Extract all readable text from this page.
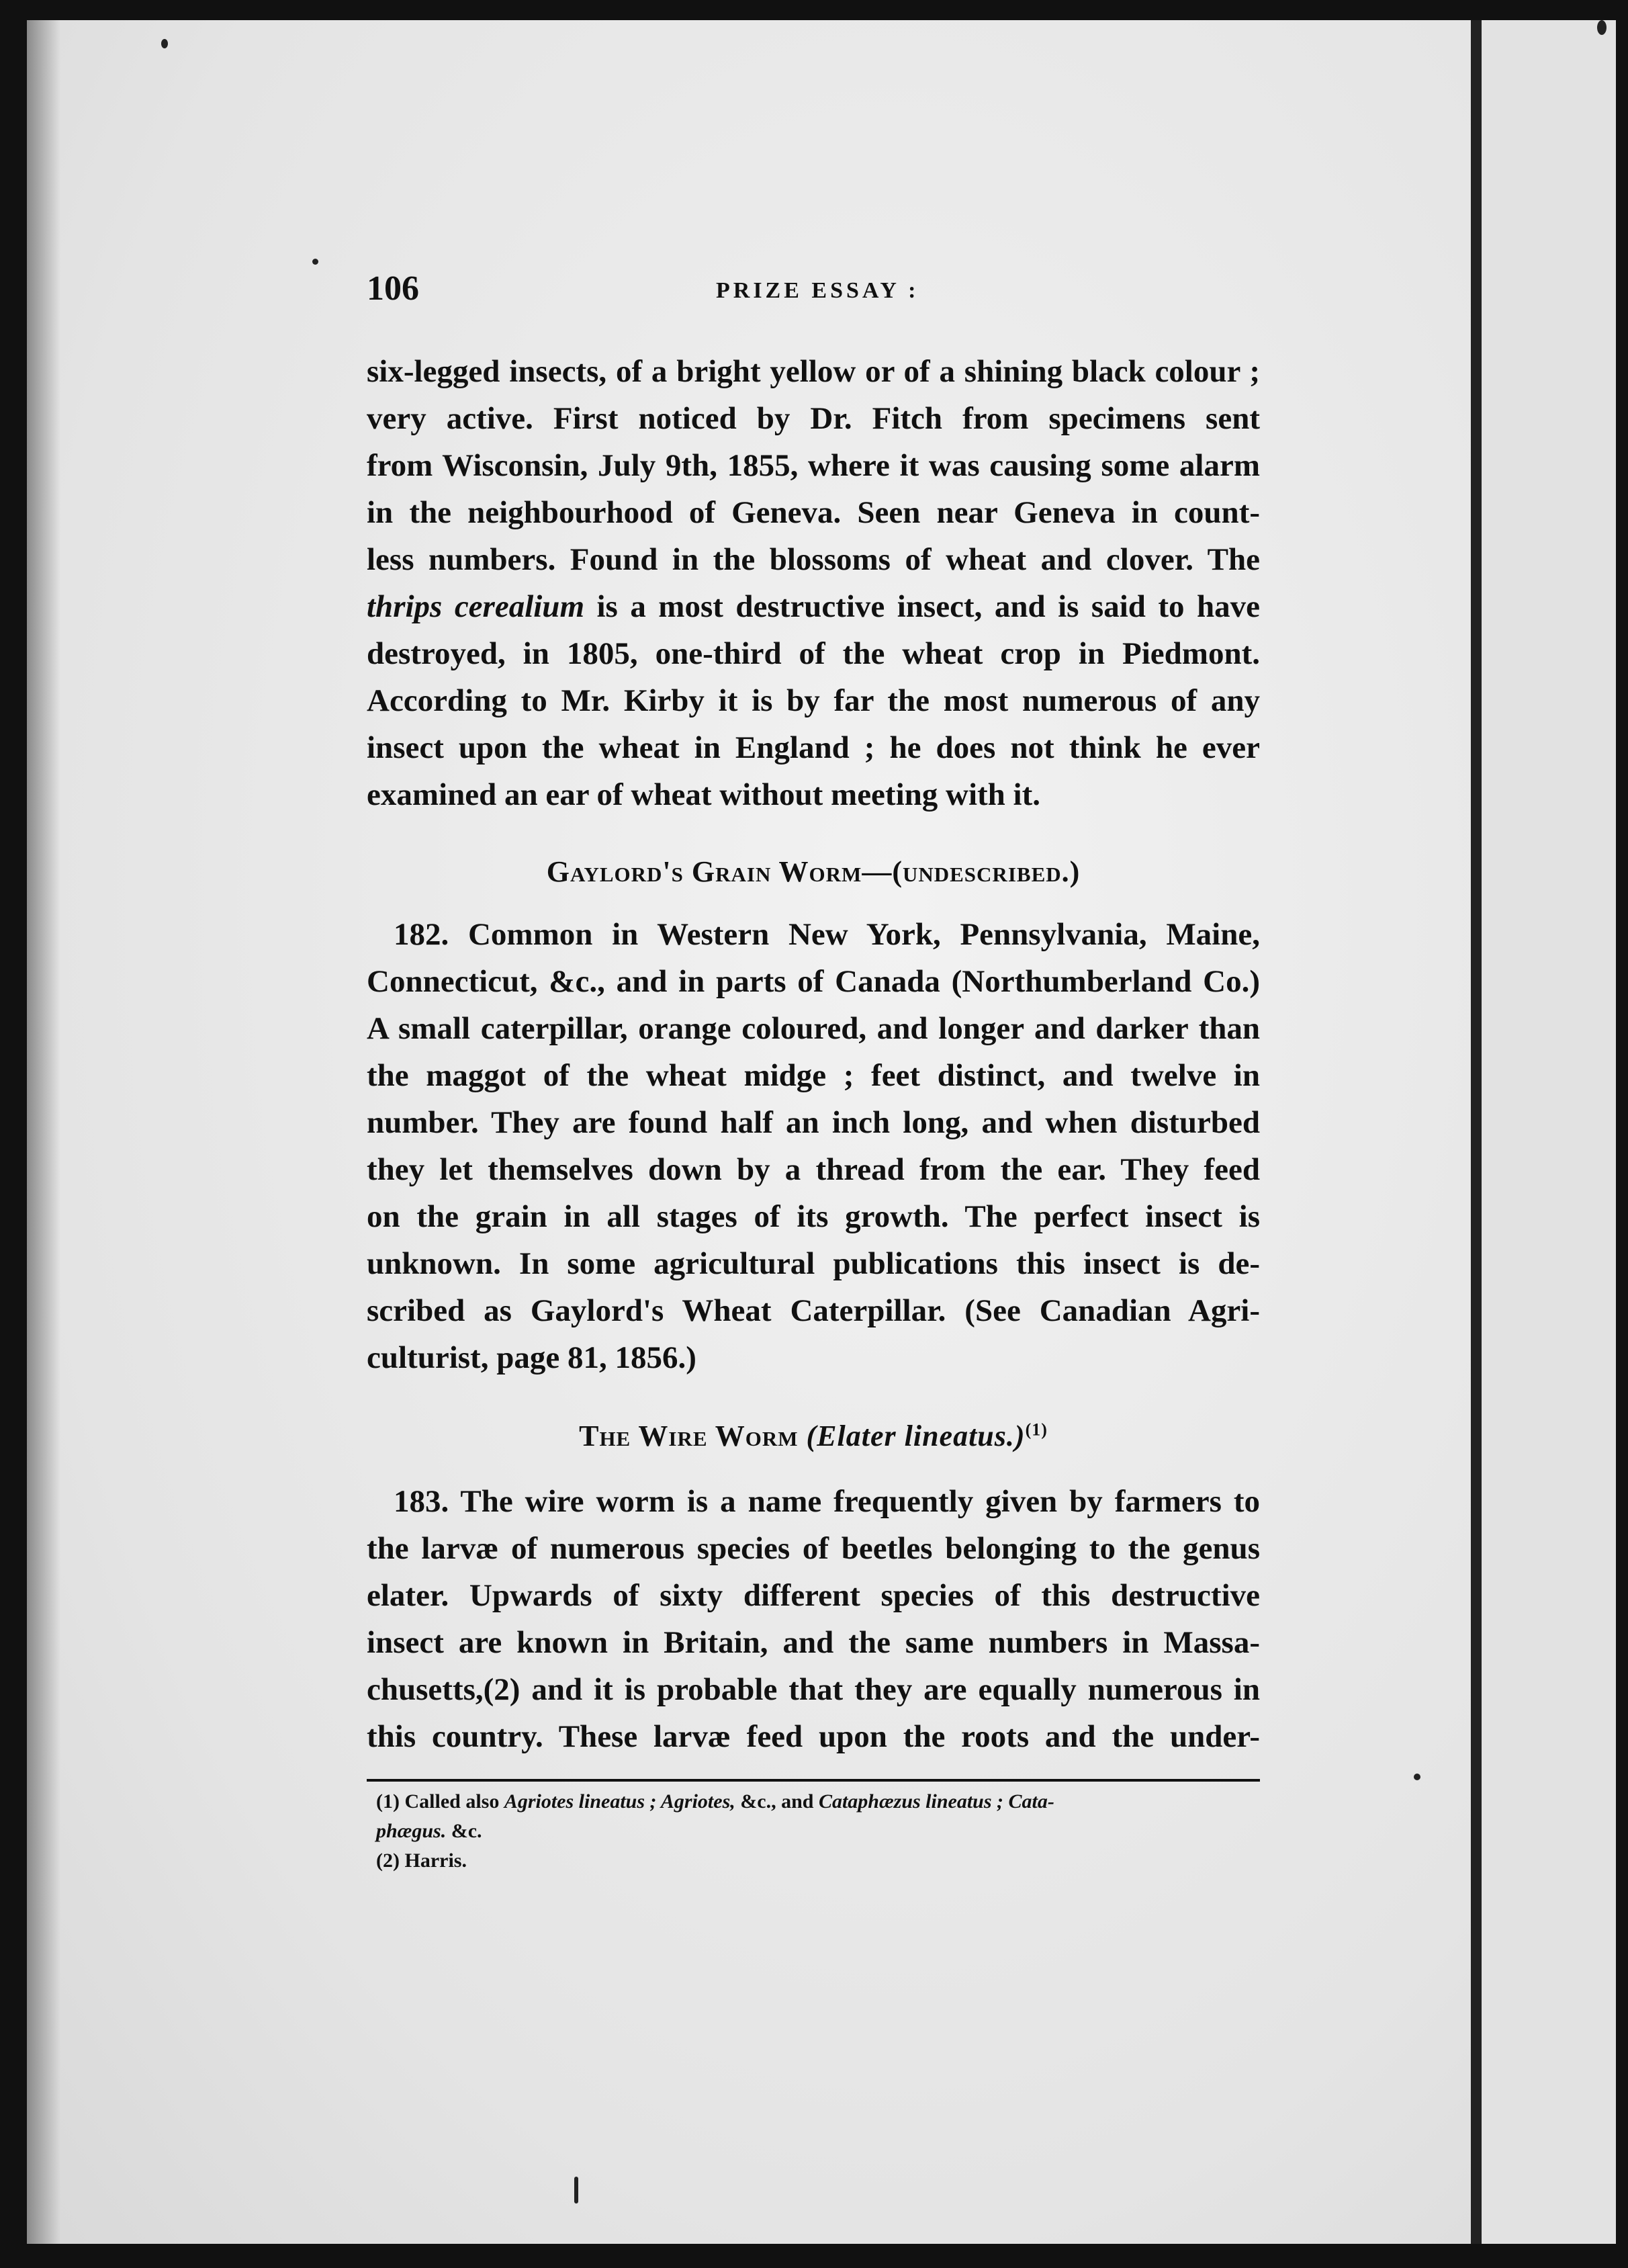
106	PRIZE ESSAY :
six-legged insects, of a bright yellow or of a shining black colour ;
very active. First noticed by Dr. Fitch from specimens sent
from Wisconsin, July 9th, 1855, where it was causing some alarm
in the neighbourhood of Geneva. Seen near Geneva in count-
less numbers. Found in the blossoms of wheat and clover. The
thrips cerealium is a most destructive insect, and is said to have
destroyed, in 1805, one-third of the wheat crop in Piedmont.
According to Mr. Kirby it is by far the most numerous of any
insect upon the wheat in England ; he does not think he ever
examined an ear of wheat without meeting with it.
Gaylord's Grain Worm—(undescribed.)
182. Common in Western New York, Pennsylvania, Maine,
Connecticut, &c., and in parts of Canada (Northumberland Co.)
A small caterpillar, orange coloured, and longer and darker than
the maggot of the wheat midge ; feet distinct, and twelve in
number. They are found half an inch long, and when disturbed
they let themselves down by a thread from the ear. They feed
on the grain in all stages of its growth. The perfect insect is
unknown. In some agricultural publications this insect is de-
scribed as Gaylord's Wheat Caterpillar. (See Canadian Agri-
culturist, page 81, 1856.)
The Wire Worm (Elater lineatus.)$^{(1)}$
183. The wire worm is a name frequently given by farmers to
the larvæ of numerous species of beetles belonging to the genus
elater. Upwards of sixty different species of this destructive
insect are known in Britain, and the same numbers in Massa-
chusetts,(2) and it is probable that they are equally numerous in
this country. These larvæ feed upon the roots and the under-
(1) Called also Agriotes lineatus ; Agriotes, &c., and Cataphæzus lineatus ; Cata-
phægus. &c.
(2) Harris.
